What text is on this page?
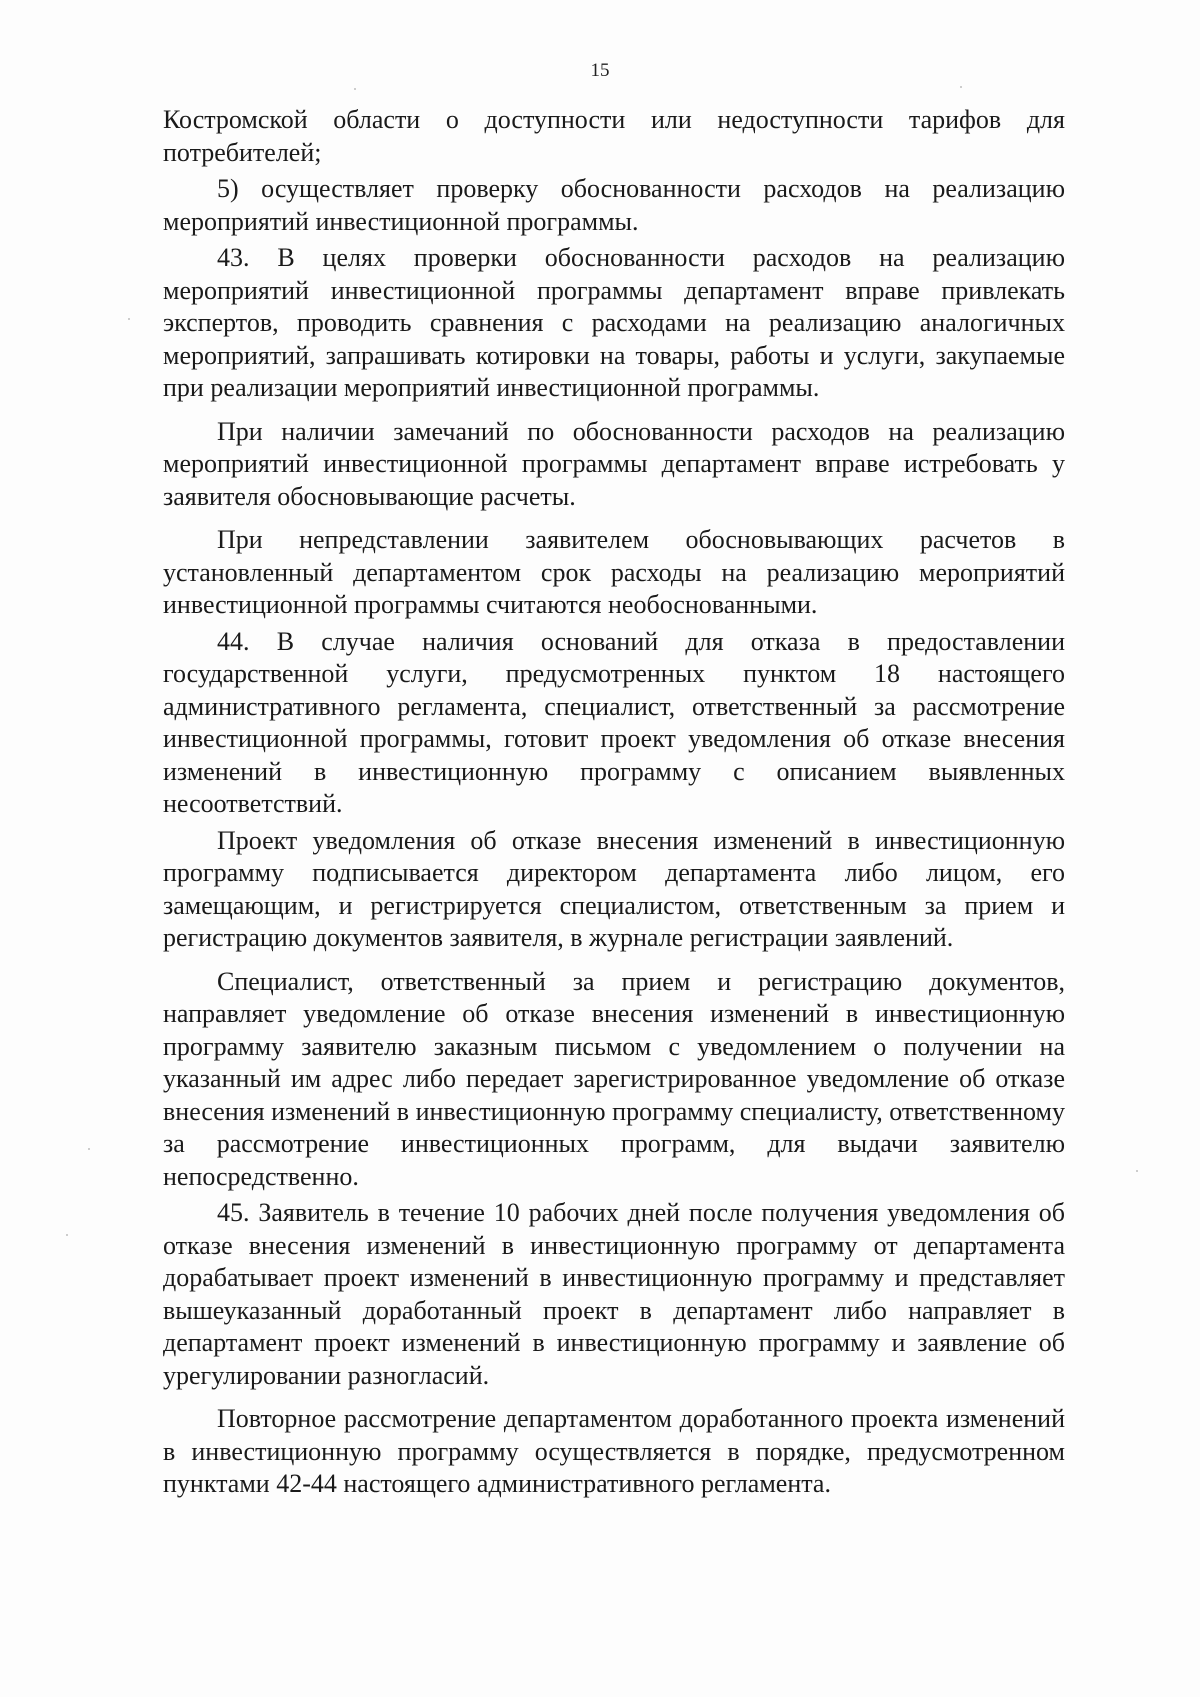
15

Костромской области о доступности или недоступности тарифов для потребителей;

5) осуществляет проверку обоснованности расходов на реализацию мероприятий инвестиционной программы.

43. В целях проверки обоснованности расходов на реализацию мероприятий инвестиционной программы департамент вправе привлекать экспертов, проводить сравнения с расходами на реализацию аналогичных мероприятий, запрашивать котировки на товары, работы и услуги, закупаемые при реализации мероприятий инвестиционной программы.

При наличии замечаний по обоснованности расходов на реализацию мероприятий инвестиционной программы департамент вправе истребовать у заявителя обосновывающие расчеты.

При непредставлении заявителем обосновывающих расчетов в установленный департаментом срок расходы на реализацию мероприятий инвестиционной программы считаются необоснованными.

44. В случае наличия оснований для отказа в предоставлении государственной услуги, предусмотренных пунктом 18 настоящего административного регламента, специалист, ответственный за рассмотрение инвестиционной программы, готовит проект уведомления об отказе внесения изменений в инвестиционную программу с описанием выявленных несоответствий.

Проект уведомления об отказе внесения изменений в инвестиционную программу подписывается директором департамента либо лицом, его замещающим, и регистрируется специалистом, ответственным за прием и регистрацию документов заявителя, в журнале регистрации заявлений.

Специалист, ответственный за прием и регистрацию документов, направляет уведомление об отказе внесения изменений в инвестиционную программу заявителю заказным письмом с уведомлением о получении на указанный им адрес либо передает зарегистрированное уведомление об отказе внесения изменений в инвестиционную программу специалисту, ответственному за рассмотрение инвестиционных программ, для выдачи заявителю непосредственно.

45. Заявитель в течение 10 рабочих дней после получения уведомления об отказе внесения изменений в инвестиционную программу от департамента дорабатывает проект изменений в инвестиционную программу и представляет вышеуказанный доработанный проект в департамент либо направляет в департамент проект изменений в инвестиционную программу и заявление об урегулировании разногласий.

Повторное рассмотрение департаментом доработанного проекта изменений в инвестиционную программу осуществляется в порядке, предусмотренном пунктами 42-44 настоящего административного регламента.
